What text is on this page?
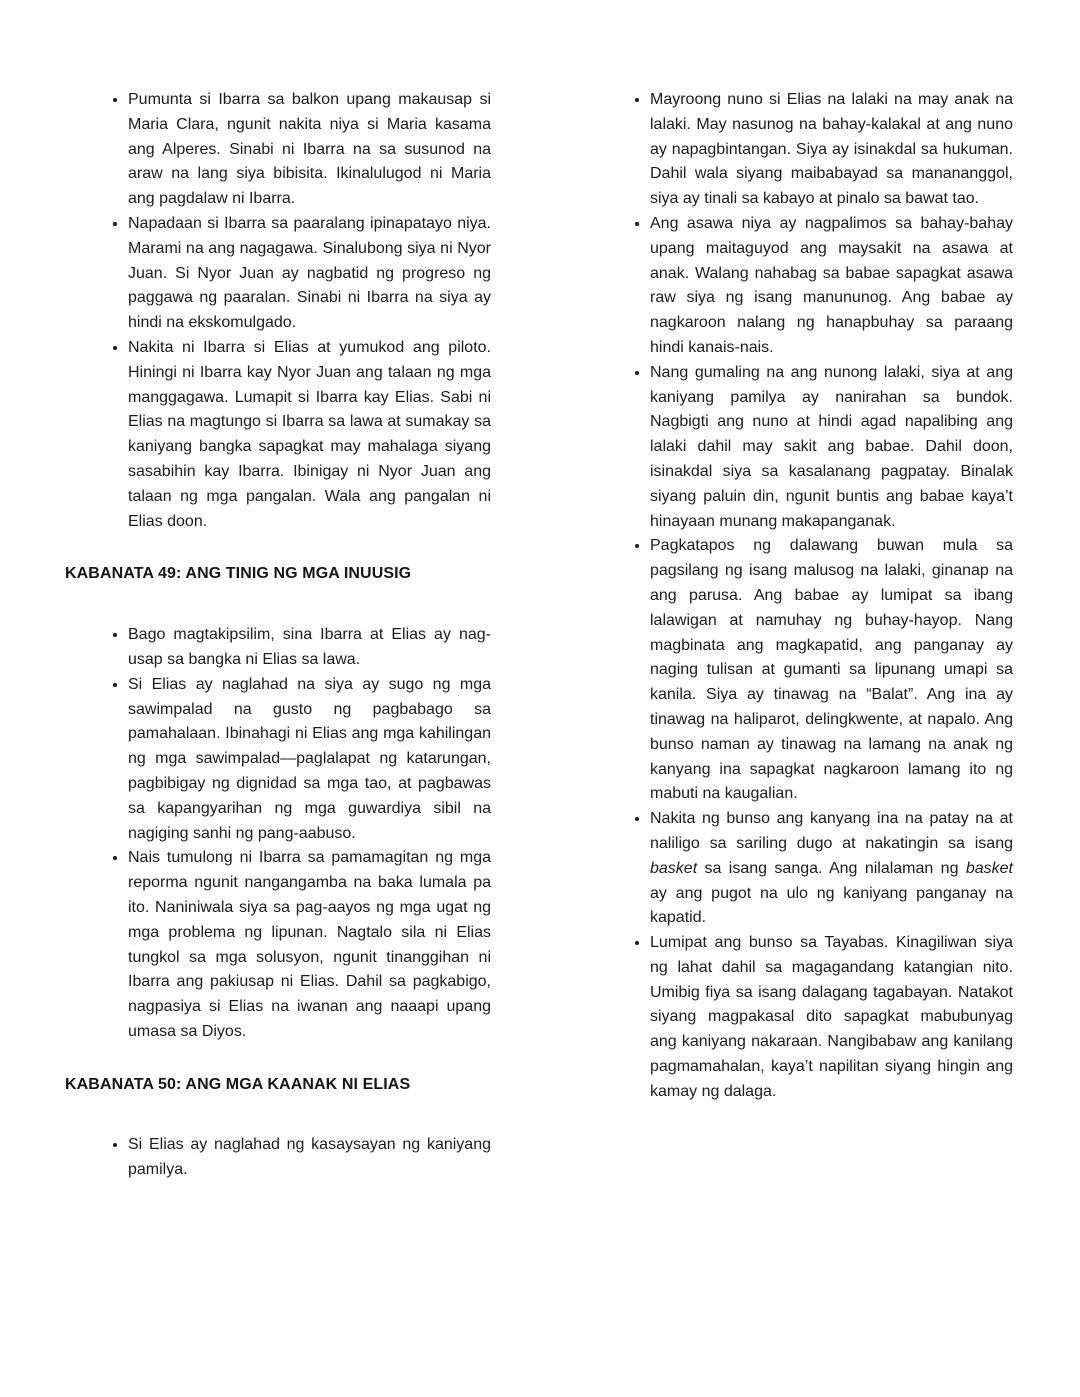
• Pumunta si Ibarra sa balkon upang makausap si Maria Clara, ngunit nakita niya si Maria kasama ang Alperes. Sinabi ni Ibarra na sa susunod na araw na lang siya bibisita. Ikinalulugod ni Maria ang pagdalaw ni Ibarra.
• Napadaan si Ibarra sa paaralang ipinapatayo niya. Marami na ang nagagawa. Sinalubong siya ni Nyor Juan. Si Nyor Juan ay nagbatid ng progreso ng paggawa ng paaralan. Sinabi ni Ibarra na siya ay hindi na ekskomulgado.
• Nakita ni Ibarra si Elias at yumukod ang piloto. Hiningi ni Ibarra kay Nyor Juan ang talaan ng mga manggagawa. Lumapit si Ibarra kay Elias. Sabi ni Elias na magtungo si Ibarra sa lawa at sumakay sa kaniyang bangka sapagkat may mahalaga siyang sasabihin kay Ibarra. Ibinigay ni Nyor Juan ang talaan ng mga pangalan. Wala ang pangalan ni Elias doon.
KABANATA 49: ANG TINIG NG MGA INUUSIG
• Bago magtakipsilim, sina Ibarra at Elias ay nag-usap sa bangka ni Elias sa lawa.
• Si Elias ay naglahad na siya ay sugo ng mga sawimpalad na gusto ng pagbabago sa pamahalaan. Ibinahagi ni Elias ang mga kahilingan ng mga sawimpalad—paglalapat ng katarungan, pagbibigay ng dignidad sa mga tao, at pagbawas sa kapangyarihan ng mga guwardiya sibil na nagiging sanhi ng pang-aabuso.
• Nais tumulong ni Ibarra sa pamamagitan ng mga reporma ngunit nangangamba na baka lumala pa ito. Naniniwala siya sa pag-aayos ng mga ugat ng mga problema ng lipunan. Nagtalo sila ni Elias tungkol sa mga solusyon, ngunit tinanggihan ni Ibarra ang pakiusap ni Elias. Dahil sa pagkabigo, nagpasiya si Elias na iwanan ang naaapi upang umasa sa Diyos.
KABANATA 50: ANG MGA KAANAK NI ELIAS
• Si Elias ay naglahad ng kasaysayan ng kaniyang pamilya.
• Mayroong nuno si Elias na lalaki na may anak na lalaki. May nasunog na bahay-kalakal at ang nuno ay napagbintangan. Siya ay isinakdal sa hukuman. Dahil wala siyang maibabayad sa manananggol, siya ay tinali sa kabayo at pinalo sa bawat tao.
• Ang asawa niya ay nagpalimos sa bahay-bahay upang maitaguyod ang maysakit na asawa at anak. Walang nahabag sa babae sapagkat asawa raw siya ng isang manununog. Ang babae ay nagkaroon nalang ng hanapbuhay sa paraang hindi kanais-nais.
• Nang gumaling na ang nunong lalaki, siya at ang kaniyang pamilya ay nanirahan sa bundok. Nagbigti ang nuno at hindi agad napalibing ang lalaki dahil may sakit ang babae. Dahil doon, isinakdal siya sa kasalanang pagpatay. Binalak siyang paluin din, ngunit buntis ang babae kaya’t hinayaan munang makapanganak.
• Pagkatapos ng dalawang buwan mula sa pagsilang ng isang malusog na lalaki, ginanap na ang parusa. Ang babae ay lumipat sa ibang lalawigan at namuhay ng buhay-hayop. Nang magbinata ang magkapatid, ang panganay ay naging tulisan at gumanti sa lipunang umapi sa kanila. Siya ay tinawag na “Balat”. Ang ina ay tinawag na haliparot, delingkwente, at napalo. Ang bunso naman ay tinawag na lamang na anak ng kanyang ina sapagkat nagkaroon lamang ito ng mabuti na kaugalian.
• Nakita ng bunso ang kanyang ina na patay na at naliligo sa sariling dugo at nakatingin sa isang basket sa isang sanga. Ang nilalaman ng basket ay ang pugot na ulo ng kaniyang panganay na kapatid.
• Lumipat ang bunso sa Tayabas. Kinagiliwan siya ng lahat dahil sa magagandang katangian nito. Umibig fiya sa isang dalagang tagabayan. Natakot siyang magpakasal dito sapagkat mabubunyag ang kaniyang nakaraan. Nangibabaw ang kanilang pagmamahalan, kaya’t napilitan siyang hingin ang kamay ng dalaga.
